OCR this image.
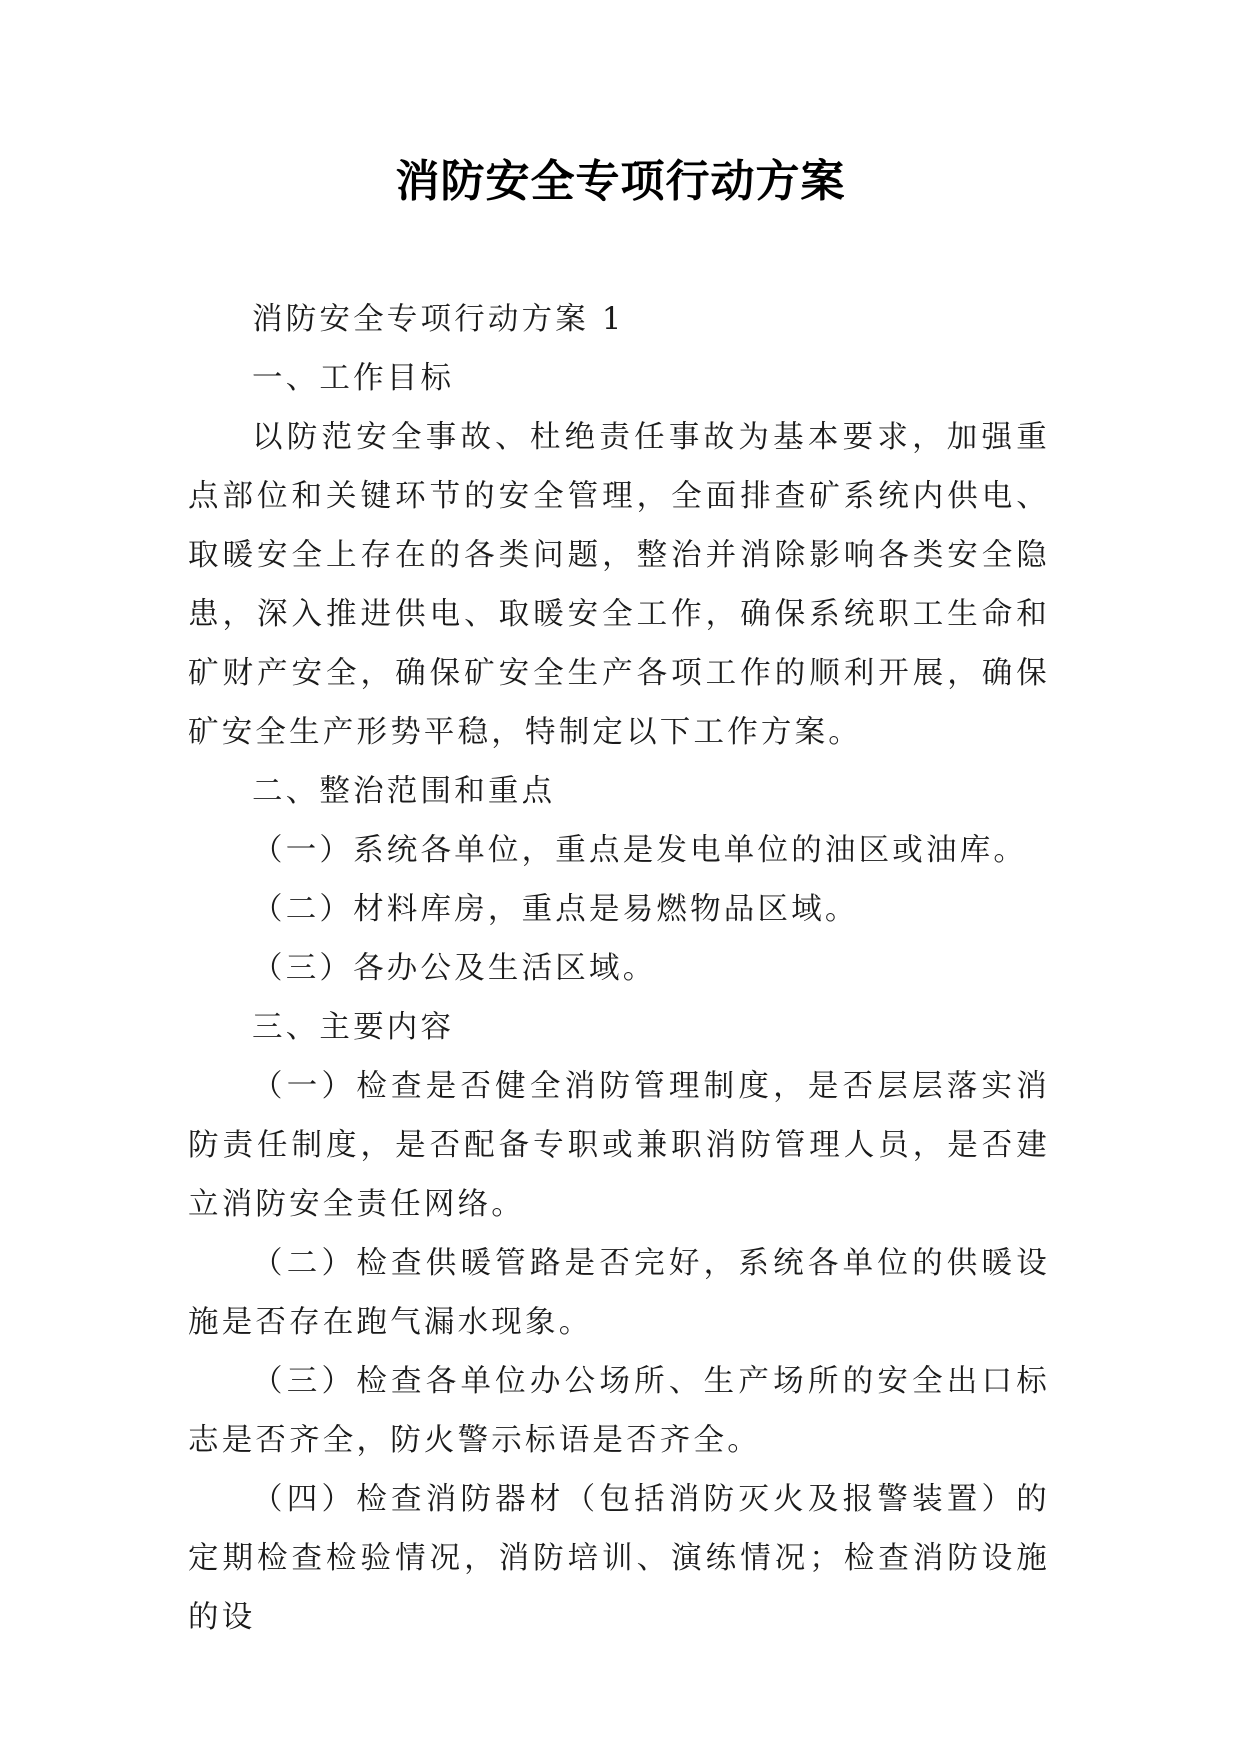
消防安全专项行动方案

消防安全专项行动方案 1

一、工作目标

以防范安全事故、杜绝责任事故为基本要求，加强重点部位和关键环节的安全管理，全面排查矿系统内供电、取暖安全上存在的各类问题，整治并消除影响各类安全隐患，深入推进供电、取暖安全工作，确保系统职工生命和矿财产安全，确保矿安全生产各项工作的顺利开展，确保矿安全生产形势平稳，特制定以下工作方案。

二、整治范围和重点

（一）系统各单位，重点是发电单位的油区或油库。

（二）材料库房，重点是易燃物品区域。

（三）各办公及生活区域。

三、主要内容

（一）检查是否健全消防管理制度，是否层层落实消防责任制度，是否配备专职或兼职消防管理人员，是否建立消防安全责任网络。

（二）检查供暖管路是否完好，系统各单位的供暖设施是否存在跑气漏水现象。

（三）检查各单位办公场所、生产场所的安全出口标志是否齐全，防火警示标语是否齐全。

（四）检查消防器材（包括消防灭火及报警装置）的定期检查检验情况，消防培训、演练情况；检查消防设施的设
